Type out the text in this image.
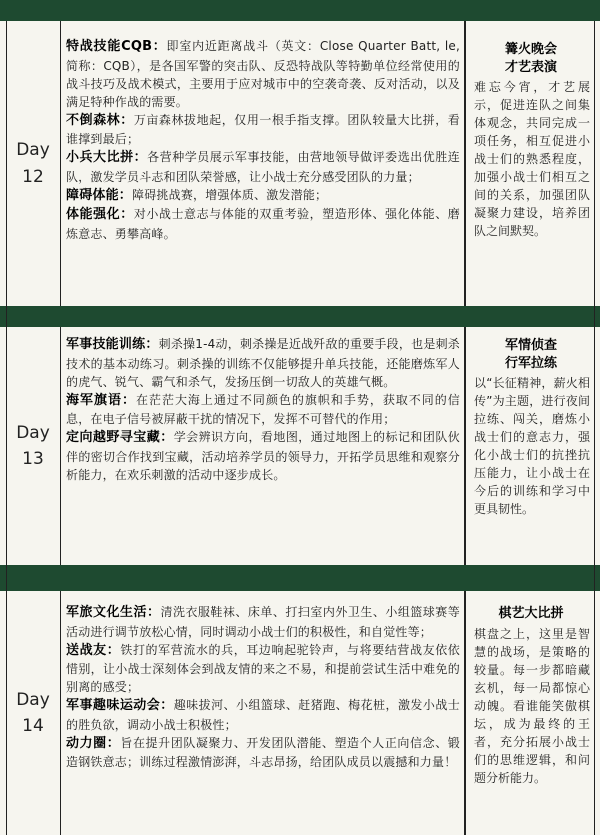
Day
12

特战技能CQB：即室内近距离战斗（英文：Close Quarter Batt, le, 简称：CQB），是各国军警的突击队、反恐特战队等特勤单位经常使用的战斗技巧及战术模式，主要用于应对城市中的空袭奇袭、反对活动，以及满足特种作战的需要。

不倒森林：万亩森林拔地起，仅用一根手指支撑。团队较量大比拼，看谁撑到最后；

小兵大比拼：各营种学员展示军事技能，由营地领导做评委选出优胜连队，激发学员斗志和团队荣誉感，让小战士充分感受团队的力量；

障碍体能：障碍挑战赛，增强体质、激发潜能；

体能强化：对小战士意志与体能的双重考验，塑造形体、强化体能、磨炼意志、勇攀高峰。

篝火晚会
才艺表演
难忘今宵，才艺展示，促进连队之间集体观念，共同完成一项任务，相互促进小战士们的熟悉程度，加强小战士们相互之间的关系，加强团队凝聚力建设，培养团队之间默契。
Day
13

军事技能训练：刺杀操1-4动，刺杀操是近战歼敌的重要手段，也是刺杀技术的基本动练习。刺杀操的训练不仅能够提升单兵技能，还能磨炼军人的虎气、锐气、霸气和杀气，发扬压倒一切敌人的英雄气概。

海军旗语：在茫茫大海上通过不同颜色的旗帜和手势，获取不同的信息，在电子信号被屏蔽干扰的情况下，发挥不可替代的作用；

定向越野寻宝藏：学会辨识方向，看地图，通过地图上的标记和团队伙伴的密切合作找到宝藏，活动培养学员的领导力，开拓学员思维和观察分析能力，在欢乐刺激的活动中逐步成长。

军情侦查
行军拉练
以“长征精神，薪火相传”为主题，进行夜间拉练、闯关，磨炼小战士们的意志力，强化小战士们的抗挫抗压能力，让小战士在今后的训练和学习中更具韧性。
Day
14

军旅文化生活：清洗衣服鞋袜、床单、打扫室内外卫生、小组篮球赛等活动进行调节放松心情，同时调动小战士们的积极性，和自觉性等；

送战友：铁打的军营流水的兵，耳边响起驼铃声，与将要结营战友依依惜别，让小战士深刻体会到战友情的来之不易，和提前尝试生活中难免的别离的感受；

军事趣味运动会：趣味拔河、小组篮球、赶猪跑、梅花桩，激发小战士的胜负欲，调动小战士积极性；

动力圈：旨在提升团队凝聚力、开发团队潜能、塑造个人正向信念、锻造钢铁意志；训练过程激情澎湃，斗志昂扬，给团队成员以震撼和力量！

棋艺大比拼
棋盘之上，这里是智慧的战场，是策略的较量。每一步都暗藏玄机，每一局都惊心动魄。看谁能笑傲棋坛，成为最终的王者，充分拓展小战士们的思维逻辑，和问题分析能力。
